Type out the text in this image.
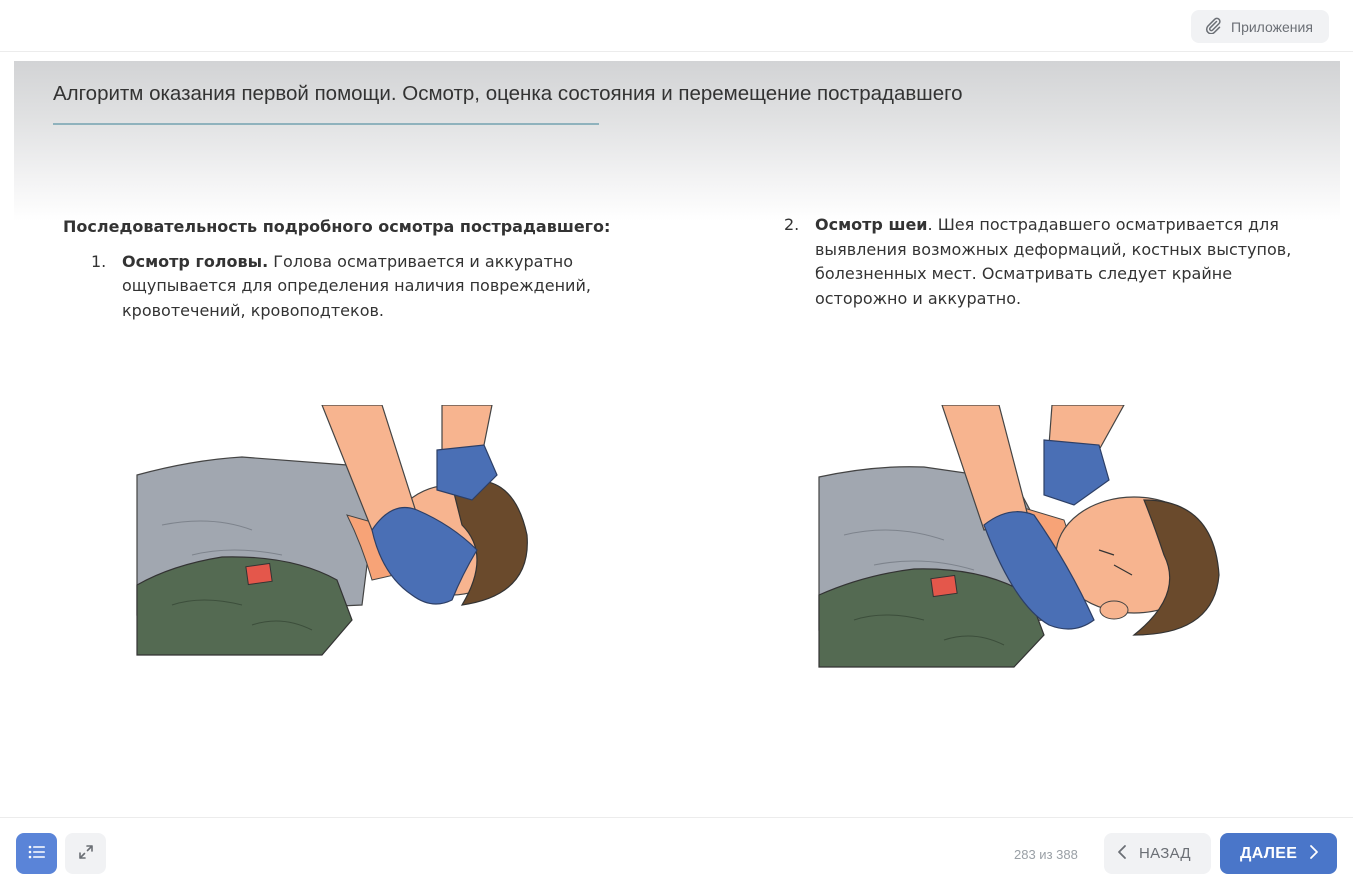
Приложения
Алгоритм оказания первой помощи. Осмотр, оценка состояния и перемещение пострадавшего
Последовательность подробного осмотра пострадавшего:
1. Осмотр головы. Голова осматривается и аккуратно ощупывается для определения наличия повреждений, кровотечений, кровоподтеков.
2. Осмотр шеи. Шея пострадавшего осматривается для выявления возможных деформаций, костных выступов, болезненных мест. Осматривать следует крайне осторожно и аккуратно.
283 из 388	НАЗАД	ДАЛЕЕ
